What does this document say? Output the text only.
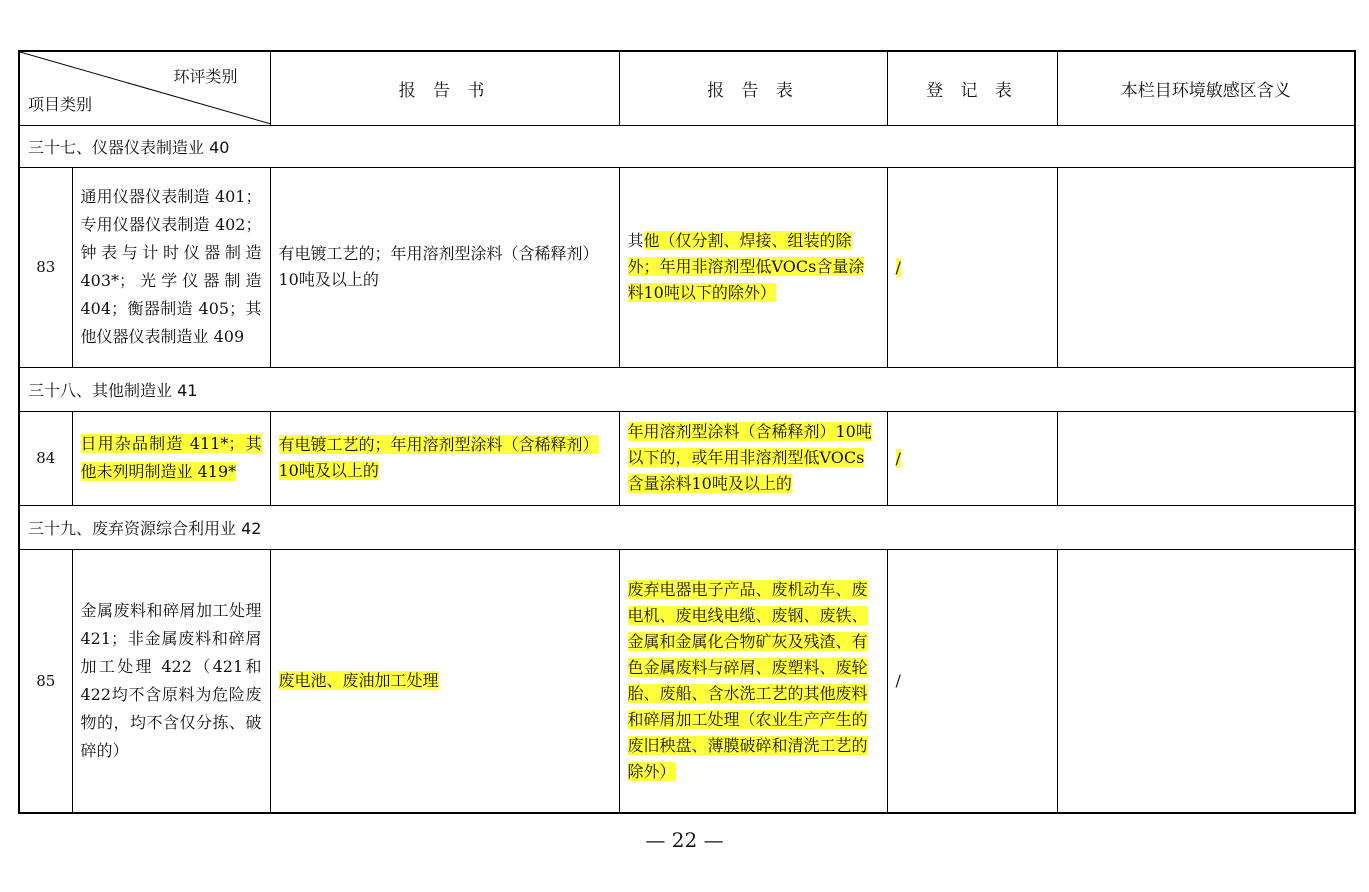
环评类别
项目类别		报 告 书	报 告 表	登 记 表	本栏目环境敏感区含义
三十七、仪器仪表制造业 40					
83	通用仪器仪表制造 401；专用仪器仪表制造 402；钟表与计时仪器制造 403*；光学仪器制造 404；衡器制造 405；其他仪器仪表制造业 409	有电镀工艺的；年用溶剂型涂料（含稀释剂）10吨及以上的	其他（仅分割、焊接、组装的除外；年用非溶剂型低VOCs含量涂料10吨以下的除外）	/	
三十八、其他制造业 41					
84	日用杂品制造 411*；其他未列明制造业 419*	有电镀工艺的；年用溶剂型涂料（含稀释剂）10吨及以上的	年用溶剂型涂料（含稀释剂）10吨以下的，或年用非溶剂型低VOCs含量涂料10吨及以上的	/	
三十九、废弃资源综合利用业 42					
85	金属废料和碎屑加工处理 421；非金属废料和碎屑加工处理 422（421和422均不含原料为危险废物的，均不含仅分拣、破碎的）	废电池、废油加工处理	废弃电器电子产品、废机动车、废电机、废电线电缆、废钢、废铁、金属和金属化合物矿灰及残渣、有色金属废料与碎屑、废塑料、废轮胎、废船、含水洗工艺的其他废料和碎屑加工处理（农业生产产生的废旧秧盘、薄膜破碎和清洗工艺的除外）	/	
— 22 —
